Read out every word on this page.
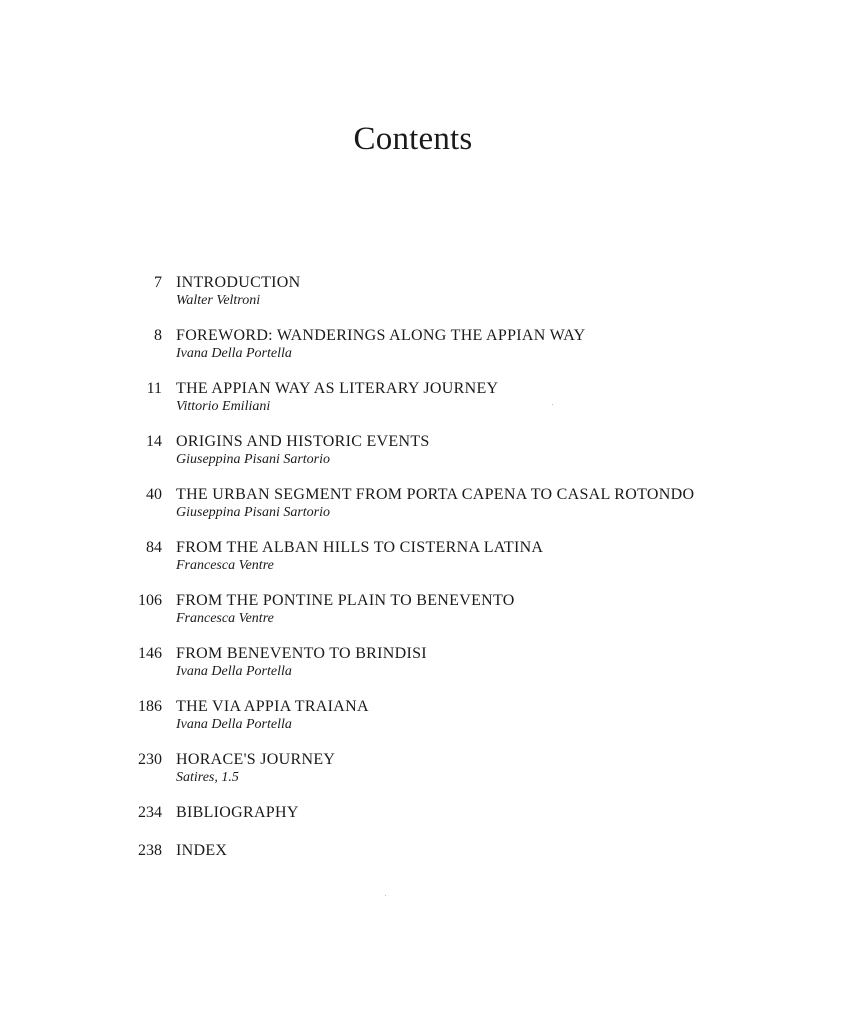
Contents
7 INTRODUCTION
Walter Veltroni
8 FOREWORD: WANDERINGS ALONG THE APPIAN WAY
Ivana Della Portella
11 THE APPIAN WAY AS LITERARY JOURNEY
Vittorio Emiliani
14 ORIGINS AND HISTORIC EVENTS
Giuseppina Pisani Sartorio
40 THE URBAN SEGMENT FROM PORTA CAPENA TO CASAL ROTONDO
Giuseppina Pisani Sartorio
84 FROM THE ALBAN HILLS TO CISTERNA LATINA
Francesca Ventre
106 FROM THE PONTINE PLAIN TO BENEVENTO
Francesca Ventre
146 FROM BENEVENTO TO BRINDISI
Ivana Della Portella
186 THE VIA APPIA TRAIANA
Ivana Della Portella
230 HORACE'S JOURNEY
Satires, 1.5
234 BIBLIOGRAPHY
238 INDEX
